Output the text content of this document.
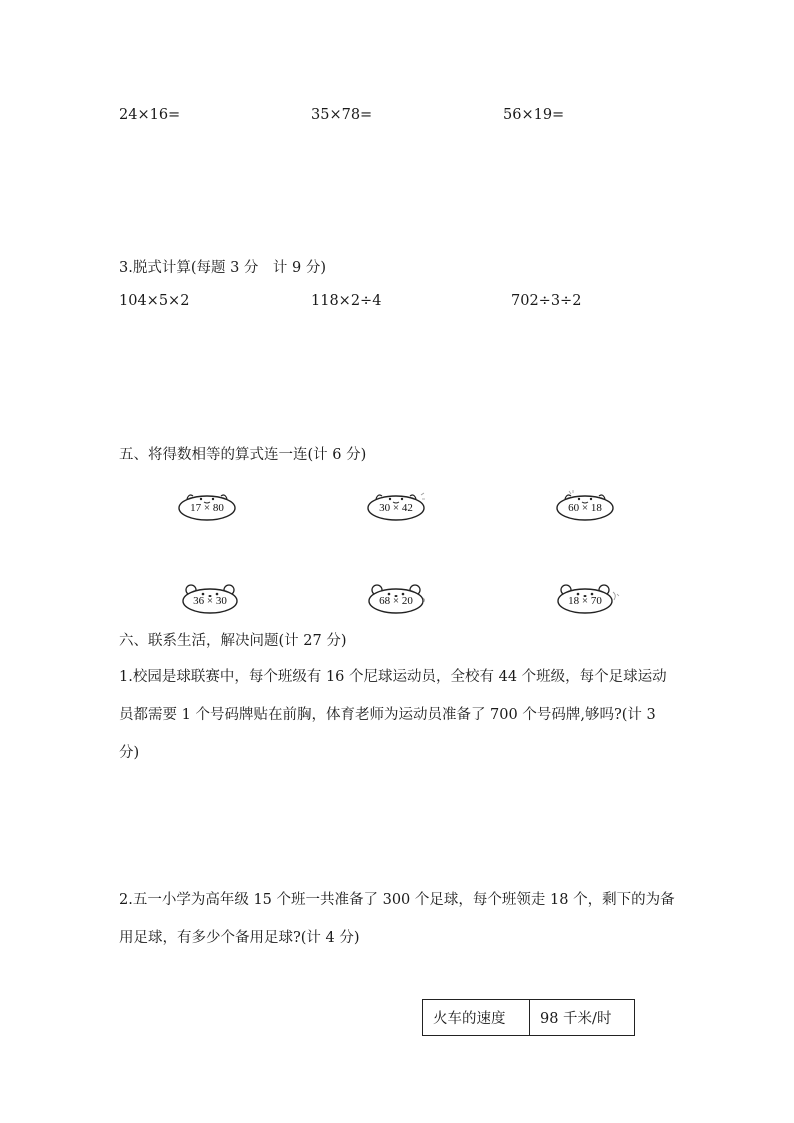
24×16=	35×78=	56×19=
3.脱式计算(每题 3 分　计 9 分)
104×5×2	118×2÷4	702÷3÷2
五、将得数相等的算式连一连(计 6 分)
17 × 80	30 × 42	60 × 18
36 × 30	68 × 20	18 × 70
六、联系生活，解决问题(计 27 分)
1.校园是球联赛中，每个班级有 16 个尼球运动员，全校有 44 个班级，每个足球运动员都需要 1 个号码牌贴在前胸，体育老师为运动员准备了 700 个号码牌,够吗?(计 3 分)
2.五一小学为高年级 15 个班一共准备了 300 个足球，每个班领走 18 个，剩下的为备用足球，有多少个备用足球?(计 4 分)
火车的速度	98 千米/时
